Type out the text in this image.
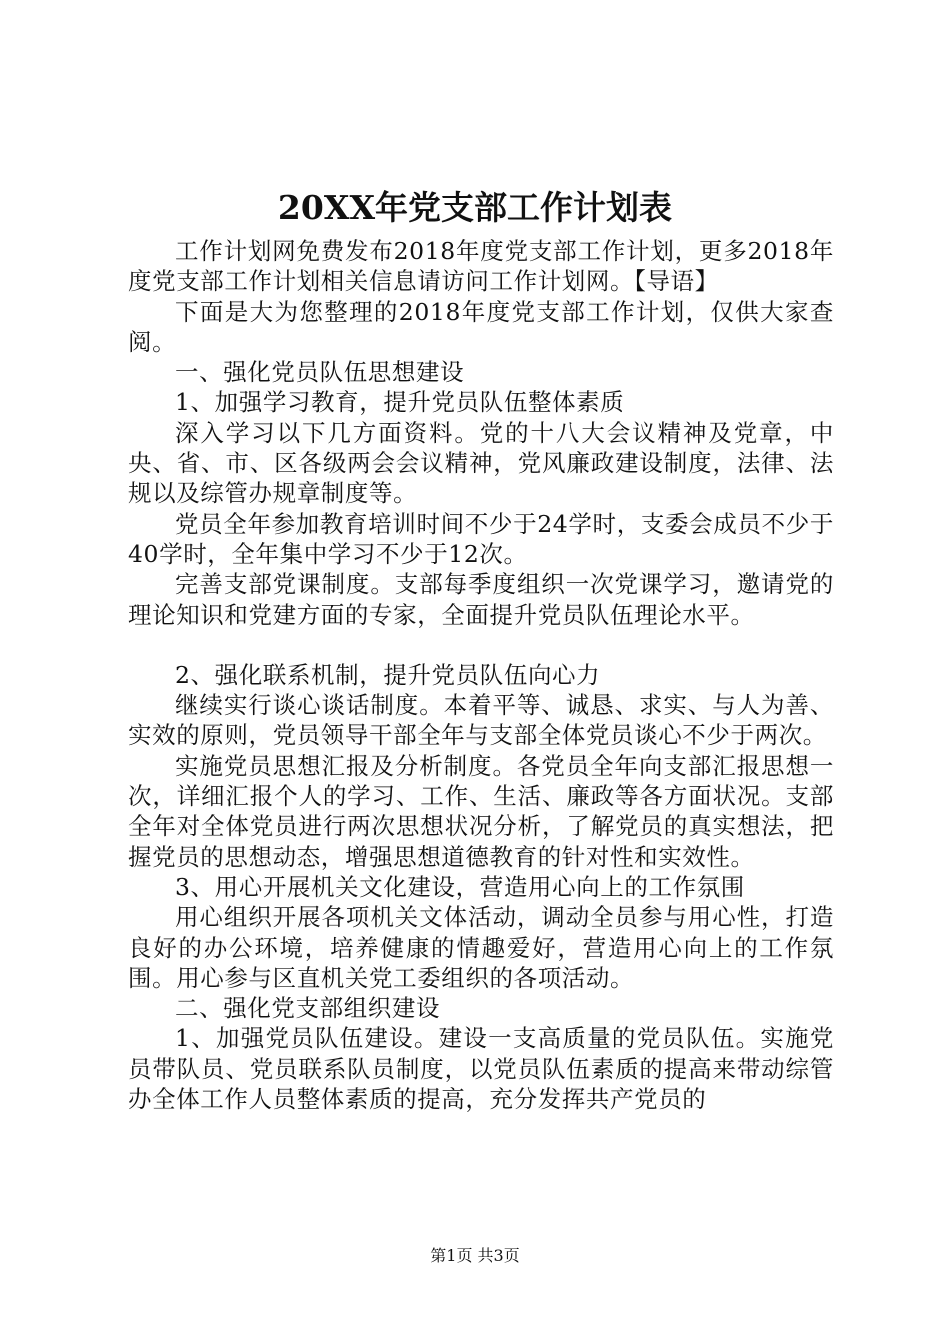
20XX年党支部工作计划表

工作计划网免费发布2018年度党支部工作计划，更多2018年度党支部工作计划相关信息请访问工作计划网。【导语】

下面是大为您整理的2018年度党支部工作计划，仅供大家查阅。

一、强化党员队伍思想建设

1、加强学习教育，提升党员队伍整体素质

深入学习以下几方面资料。党的十八大会议精神及党章，中央、省、市、区各级两会会议精神，党风廉政建设制度，法律、法规以及综管办规章制度等。

党员全年参加教育培训时间不少于24学时，支委会成员不少于40学时，全年集中学习不少于12次。

完善支部党课制度。支部每季度组织一次党课学习，邀请党的理论知识和党建方面的专家，全面提升党员队伍理论水平。

2、强化联系机制，提升党员队伍向心力

继续实行谈心谈话制度。本着平等、诚恳、求实、与人为善、实效的原则，党员领导干部全年与支部全体党员谈心不少于两次。

实施党员思想汇报及分析制度。各党员全年向支部汇报思想一次，详细汇报个人的学习、工作、生活、廉政等各方面状况。支部全年对全体党员进行两次思想状况分析，了解党员的真实想法，把握党员的思想动态，增强思想道德教育的针对性和实效性。

3、用心开展机关文化建设，营造用心向上的工作氛围

用心组织开展各项机关文体活动，调动全员参与用心性，打造良好的办公环境，培养健康的情趣爱好，营造用心向上的工作氛围。用心参与区直机关党工委组织的各项活动。

二、强化党支部组织建设

1、加强党员队伍建设。建设一支高质量的党员队伍。实施党员带队员、党员联系队员制度，以党员队伍素质的提高来带动综管办全体工作人员整体素质的提高，充分发挥共产党员的

第1页 共3页
